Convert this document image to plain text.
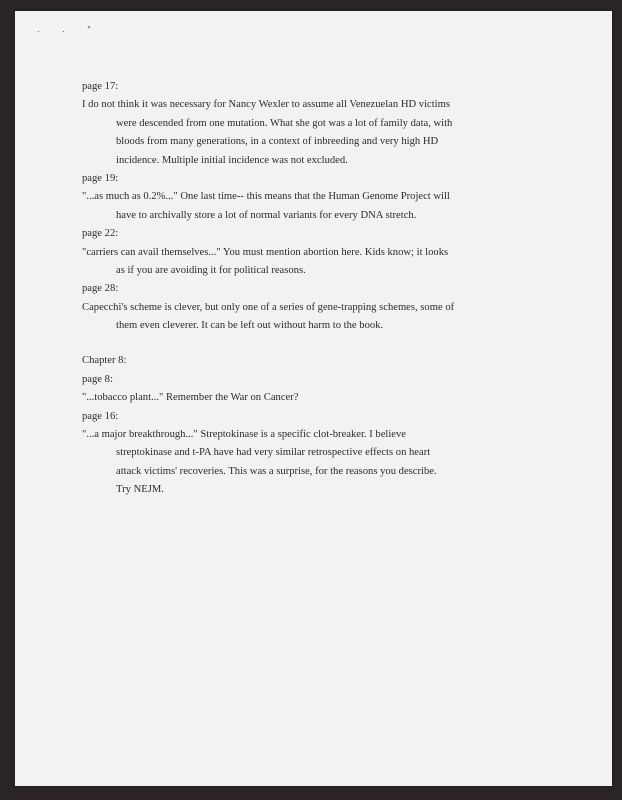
. . "
page 17:
I do not think it was necessary for Nancy Wexler to assume all Venezuelan HD victims
were descended from one mutation. What she got was a lot of family data, with
bloods from many generations, in a context of inbreeding and very high HD
incidence. Multiple initial incidence was not excluded.
page 19:
"...as much as 0.2%..." One last time-- this means that the Human Genome Project will
have to archivally store a lot of normal variants for every DNA stretch.
page 22:
"carriers can avail themselves..." You must mention abortion here. Kids know; it looks
as if you are avoiding it for political reasons.
page 28:
Capecchi's scheme is clever, but only one of a series of gene-trapping schemes, some of
them even cleverer. It can be left out without harm to the book.
Chapter 8:
page 8:
"...tobacco plant..." Remember the War on Cancer?
page 16:
"...a major breakthrough..." Streptokinase is a specific clot-breaker. I believe
streptokinase and t-PA have had very similar retrospective effects on heart
attack victims' recoveries. This was a surprise, for the reasons you describe.
Try NEJM.
